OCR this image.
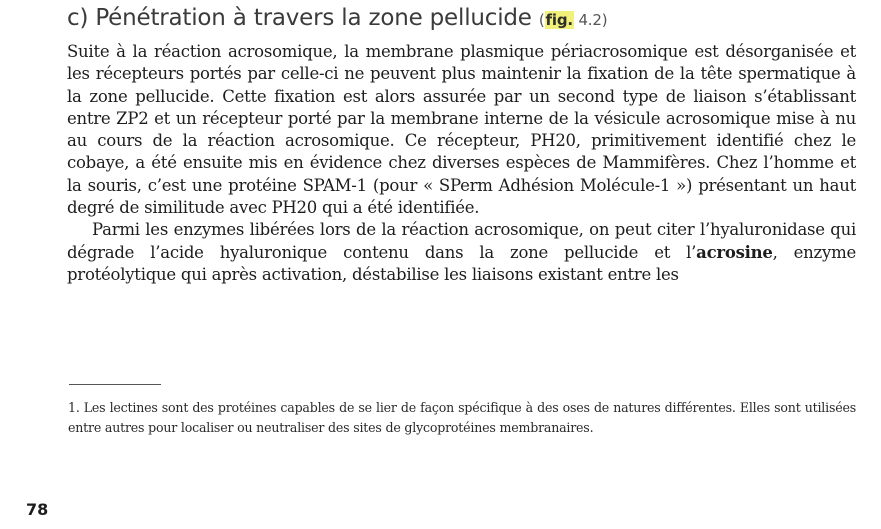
c) Pénétration à travers la zone pellucide (fig. 4.2)

Suite à la réaction acrosomique, la membrane plasmique périacrosomique est désorganisée et les récepteurs portés par celle-ci ne peuvent plus maintenir la fixation de la tête spermatique à la zone pellucide. Cette fixation est alors assurée par un second type de liaison s’établissant entre ZP2 et un récepteur porté par la membrane interne de la vésicule acrosomique mise à nu au cours de la réaction acrosomique. Ce récepteur, PH20, primitivement identifié chez le cobaye, a été ensuite mis en évidence chez diverses espèces de Mammifères. Chez l’homme et la souris, c’est une protéine SPAM-1 (pour « SPerm Adhésion Molécule-1 ») présentant un haut degré de similitude avec PH20 qui a été identifiée.

Parmi les enzymes libérées lors de la réaction acrosomique, on peut citer l’hyaluronidase qui dégrade l’acide hyaluronique contenu dans la zone pellucide et l’acrosine, enzyme protéolytique qui après activation, déstabilise les liaisons existant entre les

1. Les lectines sont des protéines capables de se lier de façon spécifique à des oses de natures différentes. Elles sont utilisées entre autres pour localiser ou neutraliser des sites de glycoprotéines membranaires.

78
